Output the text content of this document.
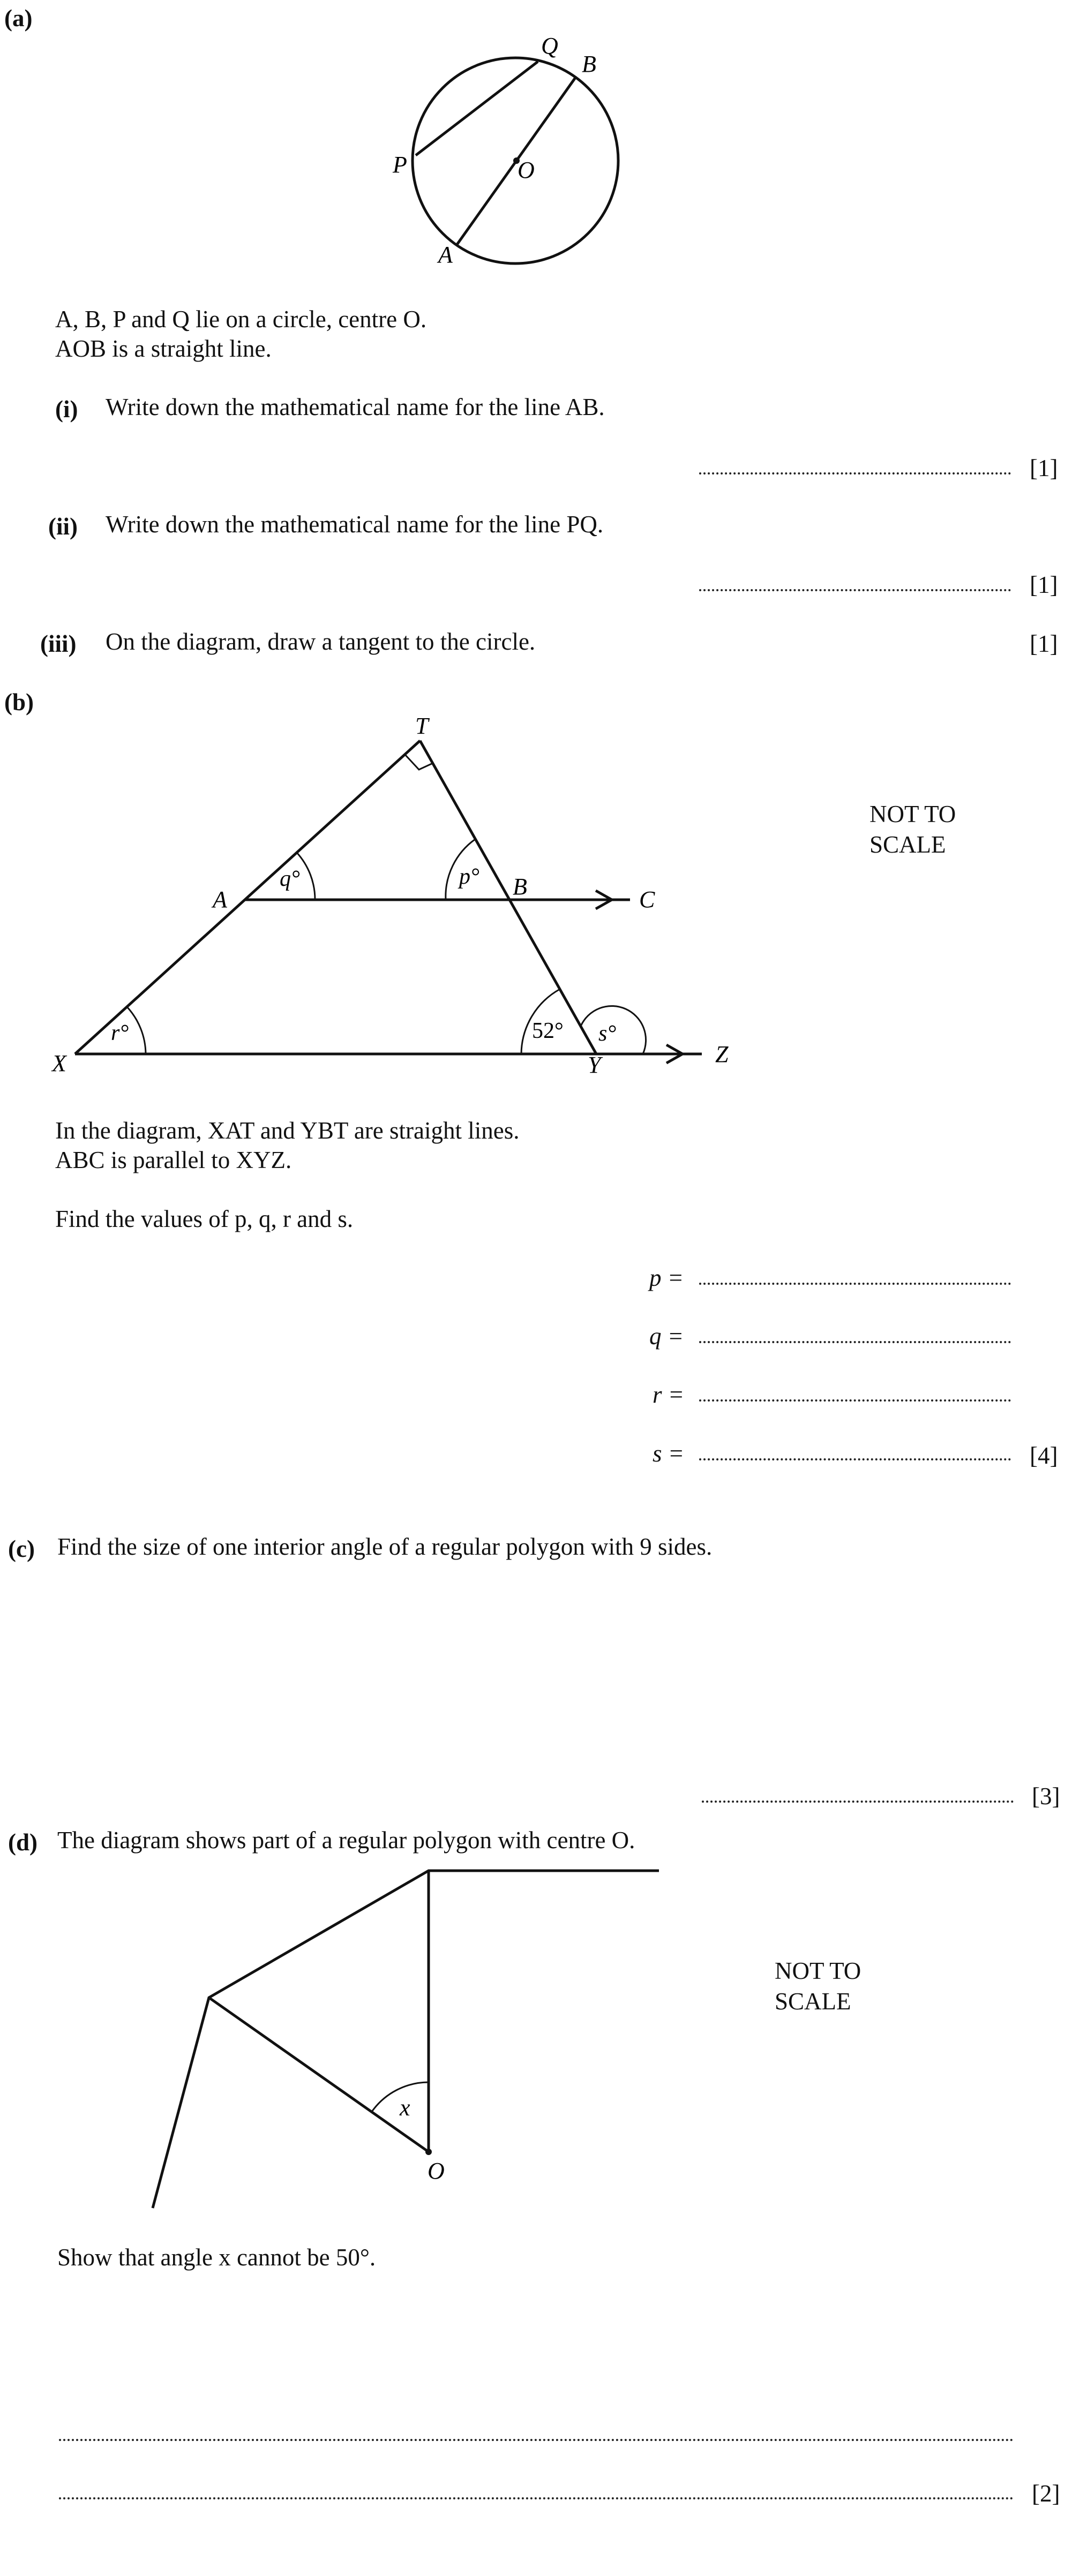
(a)
Q
B
P	O
A
A, B, P and Q lie on a circle, centre O.
AOB is a straight line.
(i) Write down the mathematical name for the line AB.
[1]
(ii) Write down the mathematical name for the line PQ.
[1]
(iii) On the diagram, draw a tangent to the circle.	[1]
(b)
T
A	B	C
X	Y	Z
q°	p°
r°	s°
52°
NOT TO
SCALE
In the diagram, XAT and YBT are straight lines.
ABC is parallel to XYZ.
Find the values of p, q, r and s.
p =
q =
r =
s =	[4]
(c) Find the size of one interior angle of a regular polygon with 9 sides.
[3]
(d) The diagram shows part of a regular polygon with centre O.
x
O
NOT TO
SCALE
Show that angle x cannot be 50°.
[2]
